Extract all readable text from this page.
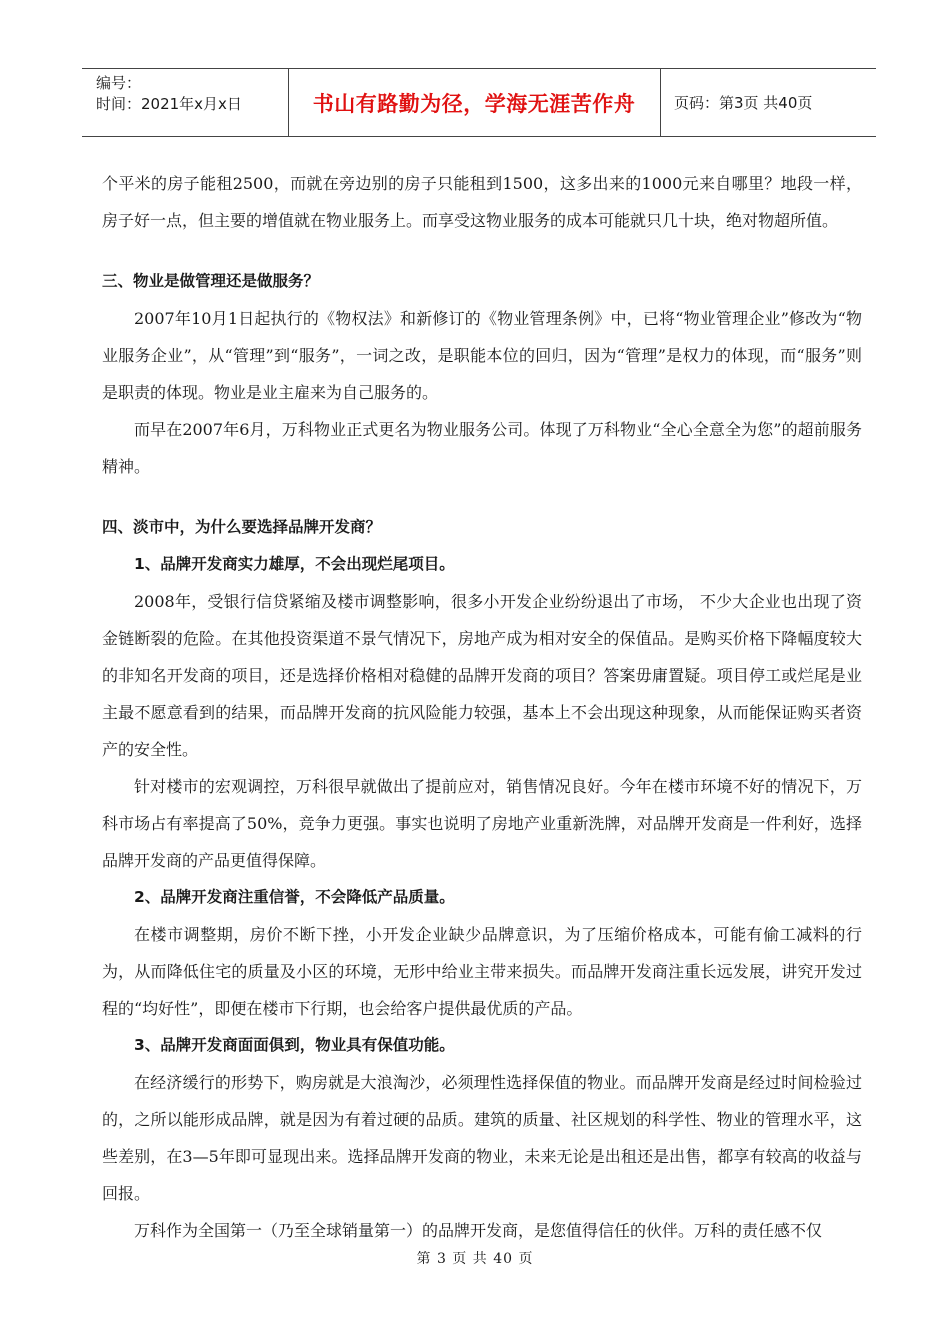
编号：
时间：2021年x月x日	书山有路勤为径，学海无涯苦作舟	页码：第3页 共40页

个平米的房子能租2500，而就在旁边别的房子只能租到1500，这多出来的1000元来自哪里？地段一样，房子好一点，但主要的增值就在物业服务上。而享受这物业服务的成本可能就只几十块，绝对物超所值。

三、物业是做管理还是做服务？

2007年10月1日起执行的《物权法》和新修订的《物业管理条例》中，已将“物业管理企业”修改为“物业服务企业”，从“管理”到“服务”，一词之改，是职能本位的回归，因为“管理”是权力的体现，而“服务”则是职责的体现。物业是业主雇来为自己服务的。

而早在2007年6月，万科物业正式更名为物业服务公司。体现了万科物业“全心全意全为您”的超前服务精神。

四、淡市中，为什么要选择品牌开发商？

1、品牌开发商实力雄厚，不会出现烂尾项目。

2008年，受银行信贷紧缩及楼市调整影响，很多小开发企业纷纷退出了市场， 不少大企业也出现了资金链断裂的危险。在其他投资渠道不景气情况下，房地产成为相对安全的保值品。是购买价格下降幅度较大的非知名开发商的项目，还是选择价格相对稳健的品牌开发商的项目？答案毋庸置疑。项目停工或烂尾是业主最不愿意看到的结果，而品牌开发商的抗风险能力较强，基本上不会出现这种现象，从而能保证购买者资产的安全性。

针对楼市的宏观调控，万科很早就做出了提前应对，销售情况良好。今年在楼市环境不好的情况下，万科市场占有率提高了50%，竞争力更强。事实也说明了房地产业重新洗牌，对品牌开发商是一件利好，选择品牌开发商的产品更值得保障。

2、品牌开发商注重信誉，不会降低产品质量。

在楼市调整期，房价不断下挫，小开发企业缺少品牌意识，为了压缩价格成本，可能有偷工减料的行为，从而降低住宅的质量及小区的环境，无形中给业主带来损失。而品牌开发商注重长远发展，讲究开发过程的“均好性”，即便在楼市下行期，也会给客户提供最优质的产品。

3、品牌开发商面面俱到，物业具有保值功能。

在经济缓行的形势下，购房就是大浪淘沙，必须理性选择保值的物业。而品牌开发商是经过时间检验过的，之所以能形成品牌，就是因为有着过硬的品质。建筑的质量、社区规划的科学性、物业的管理水平，这些差别，在3—5年即可显现出来。选择品牌开发商的物业，未来无论是出租还是出售，都享有较高的收益与回报。

万科作为全国第一（乃至全球销量第一）的品牌开发商，是您值得信任的伙伴。万科的责任感不仅

第 3 页 共 40 页
